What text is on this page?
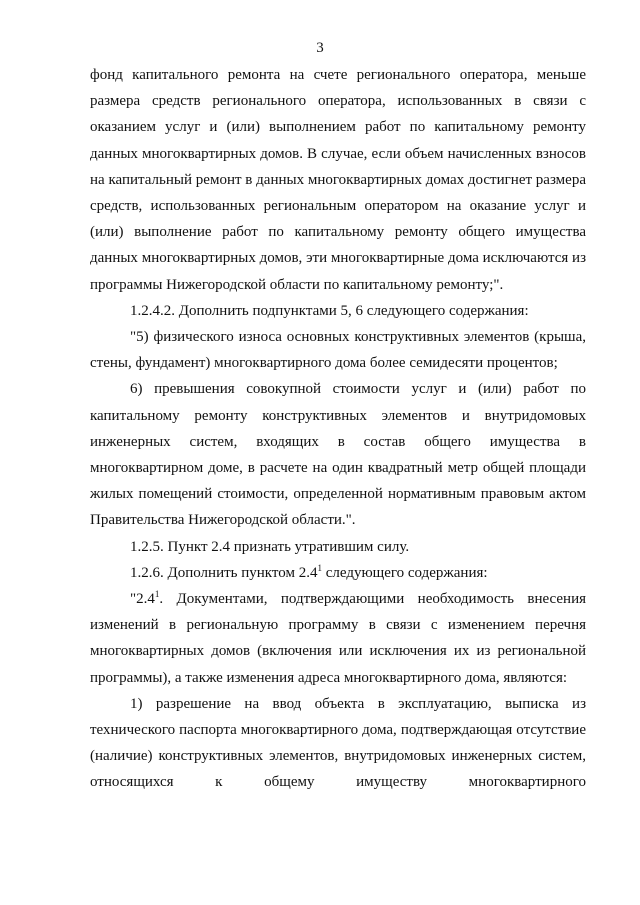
3

фонд капитального ремонта на счете регионального оператора, меньше размера средств регионального оператора, использованных в связи с оказанием услуг и (или) выполнением работ по капитальному ремонту данных многоквартирных домов. В случае, если объем начисленных взносов на капитальный ремонт в данных многоквартирных домах достигнет размера средств, использованных региональным оператором на оказание услуг и (или) выполнение работ по капитальному ремонту общего имущества данных многоквартирных домов, эти многоквартирные дома исключаются из программы Нижегородской области по капитальному ремонту;".

1.2.4.2. Дополнить подпунктами 5, 6 следующего содержания:

"5) физического износа основных конструктивных элементов (крыша, стены, фундамент) многоквартирного дома более семидесяти процентов;

6) превышения совокупной стоимости услуг и (или) работ по капитальному ремонту конструктивных элементов и внутридомовых инженерных систем, входящих в состав общего имущества в многоквартирном доме, в расчете на один квадратный метр общей площади жилых помещений стоимости, определенной нормативным правовым актом Правительства Нижегородской области.".

1.2.5. Пункт 2.4 признать утратившим силу.

1.2.6. Дополнить пунктом $2.4^1$ следующего содержания:

"$2.4^1$. Документами, подтверждающими необходимость внесения изменений в региональную программу в связи с изменением перечня многоквартирных домов (включения или исключения их из региональной программы), а также изменения адреса многоквартирного дома, являются:

1) разрешение на ввод объекта в эксплуатацию, выписка из технического паспорта многоквартирного дома, подтверждающая отсутствие (наличие) конструктивных элементов, внутридомовых инженерных систем, относящихся к общему имуществу многоквартирного
